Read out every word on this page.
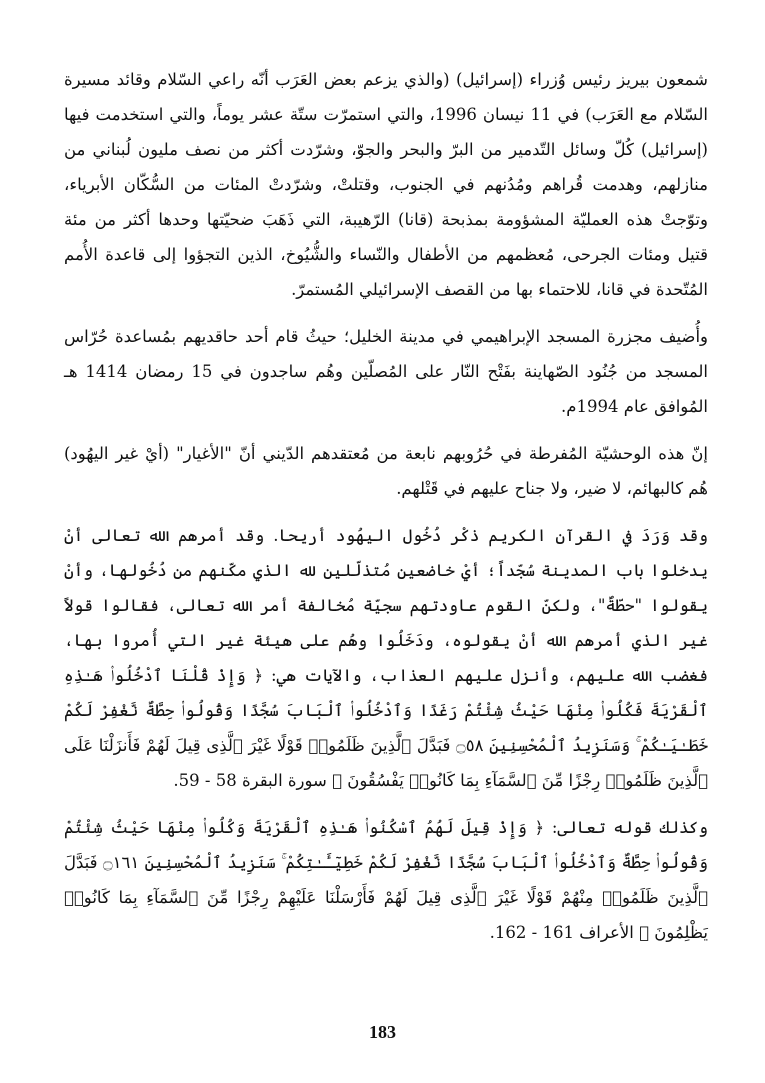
شمعون بيريز رئيس وُزراء (إسرائيل) (والذي يزعم بعض العَرَب أنّه راعي السّلام وقائد مسيرة السّلام مع العَرَب) في 11 نيسان 1996، والتي استمرّت ستّة عشر يوماً، والتي استخدمت فيها (إسرائيل) كُلّ وسائل التّدمير من البرّ والبحر والجوّ، وشرّدت أكثر من نصف مليون لُبناني من منازلهم، وهدمت قُراهم ومُدُنهم في الجنوب، وقتلتْ، وشرّدتْ المئات من السُّكّان الأبرياء، وتوّجتْ هذه العمليّة المشؤومة بمذبحة (قانا) الرّهيبة، التي ذَهَبَ ضحيّتها وحدها أكثر من مئة قتيل ومئات الجرحى، مُعظمهم من الأطفال والنّساء والشُّيُوخ، الذين التجؤوا إلى قاعدة الأُمم المُتّحدة في قانا، للاحتماء بها من القصف الإسرائيلي المُستمرّ.

وأُضيف مجزرة المسجد الإبراهيمي في مدينة الخليل؛ حيثُ قام أحد حاقديهم بمُساعدة حُرّاس المسجد من جُنُود الصّهاينة بفَتْح النّار على المُصلّين وهُم ساجدون في 15 رمضان 1414 هـ المُوافق عام 1994م.

إنّ هذه الوحشيّة المُفرطة في حُرُوبهم نابعة من مُعتقدهم الدّيني أنّ "الأغيار" (أيْ غير اليهُود) هُم كالبهائم، لا ضير، ولا جناح عليهم في قَتْلهم.

وقد وَرَدَ في القرآن الكريم ذكْر دُخُول اليهُود أريحا. وقد أمرهم الله تعالى أنْ يدخلوا باب المدينة سُجّداً؛ أيْ خاضعين مُتذلّلين لله الذي مكّنهم من دُخُولها، وأنْ يقولوا "حطّةٌ"، ولكنّ القوم عاودتهم سجيّة مُخالفة أمر الله تعالى، فقالوا قولاً غير الذي أمرهم الله أنْ يقولوه، ودَخَلُوا وهُم على هيئة غير التي أُمروا بها، فغضب الله عليهم، وأنزل عليهم العذاب، والآيات هي: ﴿ وَإِذْ قُلْنَا ٱدْخُلُوا۟ هَـٰذِهِ ٱلْقَرْيَةَ فَكُلُوا۟ مِنْهَا حَيْثُ شِئْتُمْ رَغَدًا وَٱدْخُلُوا۟ ٱلْبَابَ سُجَّدًا وَقُولُوا۟ حِطَّةٌ نَّغْفِرْ لَكُمْ خَطَـٰيَـٰكُمْ ۚ وَسَنَزِيدُ ٱلْمُحْسِنِينَ ۝٥٨ فَبَدَّلَ ٱلَّذِينَ ظَلَمُوا۟ قَوْلًا غَيْرَ ٱلَّذِى قِيلَ لَهُمْ فَأَنزَلْنَا عَلَى ٱلَّذِينَ ظَلَمُوا۟ رِجْزًا مِّنَ ٱلسَّمَآءِ بِمَا كَانُوا۟ يَفْسُقُونَ ﴾ سورة البقرة 58 - 59.

وكذلك قوله تعالى: ﴿ وَإِذْ قِيلَ لَهُمُ ٱسْكُنُوا۟ هَـٰذِهِ ٱلْقَرْيَةَ وَكُلُوا۟ مِنْهَا حَيْثُ شِئْتُمْ وَقُولُوا۟ حِطَّةٌ وَٱدْخُلُوا۟ ٱلْبَابَ سُجَّدًا نَّغْفِرْ لَكُمْ خَطِيٓـَٔـٰتِكُمْ ۚ سَنَزِيدُ ٱلْمُحْسِنِينَ ۝١٦١ فَبَدَّلَ ٱلَّذِينَ ظَلَمُوا۟ مِنْهُمْ قَوْلًا غَيْرَ ٱلَّذِى قِيلَ لَهُمْ فَأَرْسَلْنَا عَلَيْهِمْ رِجْزًا مِّنَ ٱلسَّمَآءِ بِمَا كَانُوا۟ يَظْلِمُونَ ﴾ الأعراف 161 - 162.

183
